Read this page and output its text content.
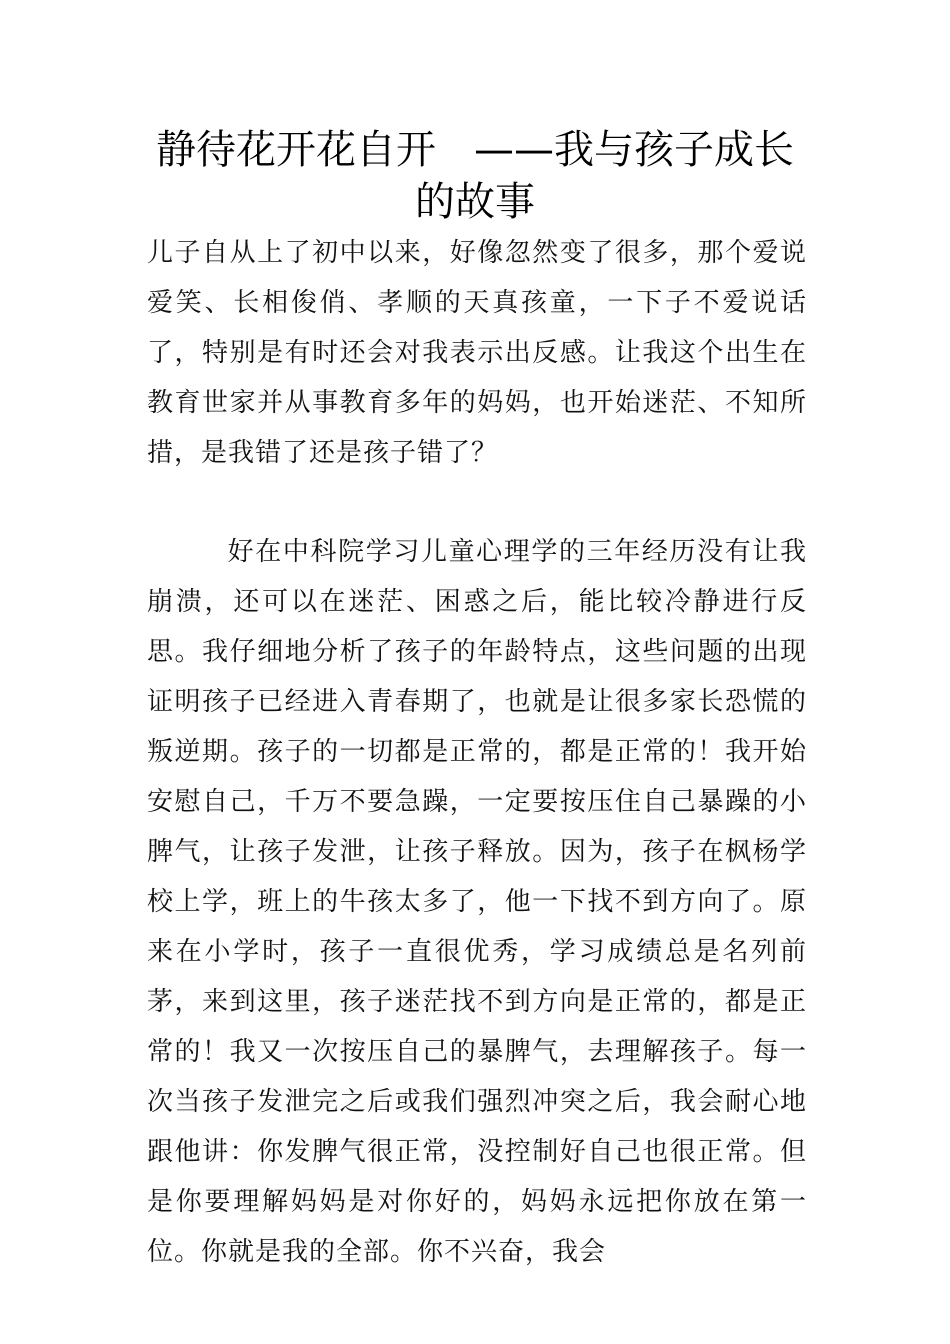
静待花开花自开 ——我与孩子成长的故事

儿子自从上了初中以来，好像忽然变了很多，那个爱说爱笑、长相俊俏、孝顺的天真孩童，一下子不爱说话了，特别是有时还会对我表示出反感。让我这个出生在教育世家并从事教育多年的妈妈，也开始迷茫、不知所措，是我错了还是孩子错了？

好在中科院学习儿童心理学的三年经历没有让我崩溃，还可以在迷茫、困惑之后，能比较冷静进行反思。我仔细地分析了孩子的年龄特点，这些问题的出现证明孩子已经进入青春期了，也就是让很多家长恐慌的叛逆期。孩子的一切都是正常的，都是正常的！我开始安慰自己，千万不要急躁，一定要按压住自己暴躁的小脾气，让孩子发泄，让孩子释放。因为，孩子在枫杨学校上学，班上的牛孩太多了，他一下找不到方向了。原来在小学时，孩子一直很优秀，学习成绩总是名列前茅，来到这里，孩子迷茫找不到方向是正常的，都是正常的！我又一次按压自己的暴脾气，去理解孩子。每一次当孩子发泄完之后或我们强烈冲突之后，我会耐心地跟他讲：你发脾气很正常，没控制好自己也很正常。但是你要理解妈妈是对你好的，妈妈永远把你放在第一位。你就是我的全部。你不兴奋，我会
